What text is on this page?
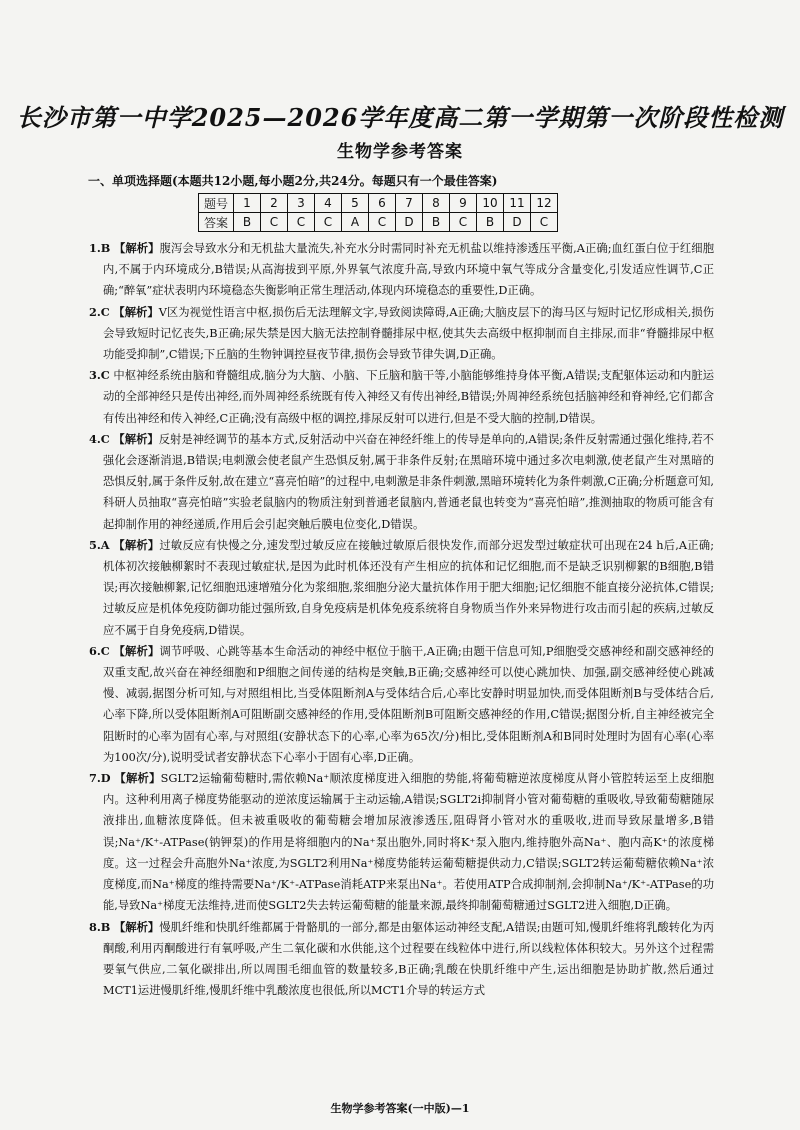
长沙市第一中学2025—2026学年度高二第一学期第一次阶段性检测
生物学参考答案

一、单项选择题(本题共12小题,每小题2分,共24分。每题只有一个最佳答案)

题号	1	2	3	4	5	6	7	8	9	10	11	12
答案	B	C	C	C	A	C	D	B	C	B	D	C

1.B 【解析】腹泻会导致水分和无机盐大量流失,补充水分时需同时补充无机盐以维持渗透压平衡,A正确;血红蛋白位于红细胞内,不属于内环境成分,B错误;从高海拔到平原,外界氧气浓度升高,导致内环境中氧气等成分含量变化,引发适应性调节,C正确;“醉氧”症状表明内环境稳态失衡影响正常生理活动,体现内环境稳态的重要性,D正确。

2.C 【解析】V区为视觉性语言中枢,损伤后无法理解文字,导致阅读障碍,A正确;大脑皮层下的海马区与短时记忆形成相关,损伤会导致短时记忆丧失,B正确;尿失禁是因大脑无法控制脊髓排尿中枢,使其失去高级中枢抑制而自主排尿,而非“脊髓排尿中枢功能受抑制”,C错误;下丘脑的生物钟调控昼夜节律,损伤会导致节律失调,D正确。

3.C 中枢神经系统由脑和脊髓组成,脑分为大脑、小脑、下丘脑和脑干等,小脑能够维持身体平衡,A错误;支配躯体运动和内脏运动的全部神经只是传出神经,而外周神经系统既有传入神经又有传出神经,B错误;外周神经系统包括脑神经和脊神经,它们都含有传出神经和传入神经,C正确;没有高级中枢的调控,排尿反射可以进行,但是不受大脑的控制,D错误。

4.C 【解析】反射是神经调节的基本方式,反射活动中兴奋在神经纤维上的传导是单向的,A错误;条件反射需通过强化维持,若不强化会逐渐消退,B错误;电刺激会使老鼠产生恐惧反射,属于非条件反射;在黑暗环境中通过多次电刺激,使老鼠产生对黑暗的恐惧反射,属于条件反射,故在建立“喜亮怕暗”的过程中,电刺激是非条件刺激,黑暗环境转化为条件刺激,C正确;分析题意可知,科研人员抽取“喜亮怕暗”实验老鼠脑内的物质注射到普通老鼠脑内,普通老鼠也转变为“喜亮怕暗”,推测抽取的物质可能含有起抑制作用的神经递质,作用后会引起突触后膜电位变化,D错误。

5.A 【解析】过敏反应有快慢之分,速发型过敏反应在接触过敏原后很快发作,而部分迟发型过敏症状可出现在24 h后,A正确;机体初次接触柳絮时不表现过敏症状,是因为此时机体还没有产生相应的抗体和记忆细胞,而不是缺乏识别柳絮的B细胞,B错误;再次接触柳絮,记忆细胞迅速增殖分化为浆细胞,浆细胞分泌大量抗体作用于肥大细胞;记忆细胞不能直接分泌抗体,C错误;过敏反应是机体免疫防御功能过强所致,自身免疫病是机体免疫系统将自身物质当作外来异物进行攻击而引起的疾病,过敏反应不属于自身免疫病,D错误。

6.C 【解析】调节呼吸、心跳等基本生命活动的神经中枢位于脑干,A正确;由题干信息可知,P细胞受交感神经和副交感神经的双重支配,故兴奋在神经细胞和P细胞之间传递的结构是突触,B正确;交感神经可以使心跳加快、加强,副交感神经使心跳减慢、减弱,据图分析可知,与对照组相比,当受体阻断剂A与受体结合后,心率比安静时明显加快,而受体阻断剂B与受体结合后,心率下降,所以受体阻断剂A可阻断副交感神经的作用,受体阻断剂B可阻断交感神经的作用,C错误;据图分析,自主神经被完全阻断时的心率为固有心率,与对照组(安静状态下的心率,心率为65次/分)相比,受体阻断剂A和B同时处理时为固有心率(心率为100次/分),说明受试者安静状态下心率小于固有心率,D正确。

7.D 【解析】SGLT2运输葡萄糖时,需依赖Na⁺顺浓度梯度进入细胞的势能,将葡萄糖逆浓度梯度从肾小管腔转运至上皮细胞内。这种利用离子梯度势能驱动的逆浓度运输属于主动运输,A错误;SGLT2i抑制肾小管对葡萄糖的重吸收,导致葡萄糖随尿液排出,血糖浓度降低。但未被重吸收的葡萄糖会增加尿液渗透压,阻碍肾小管对水的重吸收,进而导致尿量增多,B错误;Na⁺/K⁺-ATPase(钠钾泵)的作用是将细胞内的Na⁺泵出胞外,同时将K⁺泵入胞内,维持胞外高Na⁺、胞内高K⁺的浓度梯度。这一过程会升高胞外Na⁺浓度,为SGLT2利用Na⁺梯度势能转运葡萄糖提供动力,C错误;SGLT2转运葡萄糖依赖Na⁺浓度梯度,而Na⁺梯度的维持需要Na⁺/K⁺-ATPase消耗ATP来泵出Na⁺。若使用ATP合成抑制剂,会抑制Na⁺/K⁺-ATPase的功能,导致Na⁺梯度无法维持,进而使SGLT2失去转运葡萄糖的能量来源,最终抑制葡萄糖通过SGLT2进入细胞,D正确。

8.B 【解析】慢肌纤维和快肌纤维都属于骨骼肌的一部分,都是由躯体运动神经支配,A错误;由题可知,慢肌纤维将乳酸转化为丙酮酸,利用丙酮酸进行有氧呼吸,产生二氧化碳和水供能,这个过程要在线粒体中进行,所以线粒体体积较大。另外这个过程需要氧气供应,二氧化碳排出,所以周围毛细血管的数量较多,B正确;乳酸在快肌纤维中产生,运出细胞是协助扩散,然后通过MCT1运进慢肌纤维,慢肌纤维中乳酸浓度也很低,所以MCT1介导的转运方式

生物学参考答案(一中版)—1
